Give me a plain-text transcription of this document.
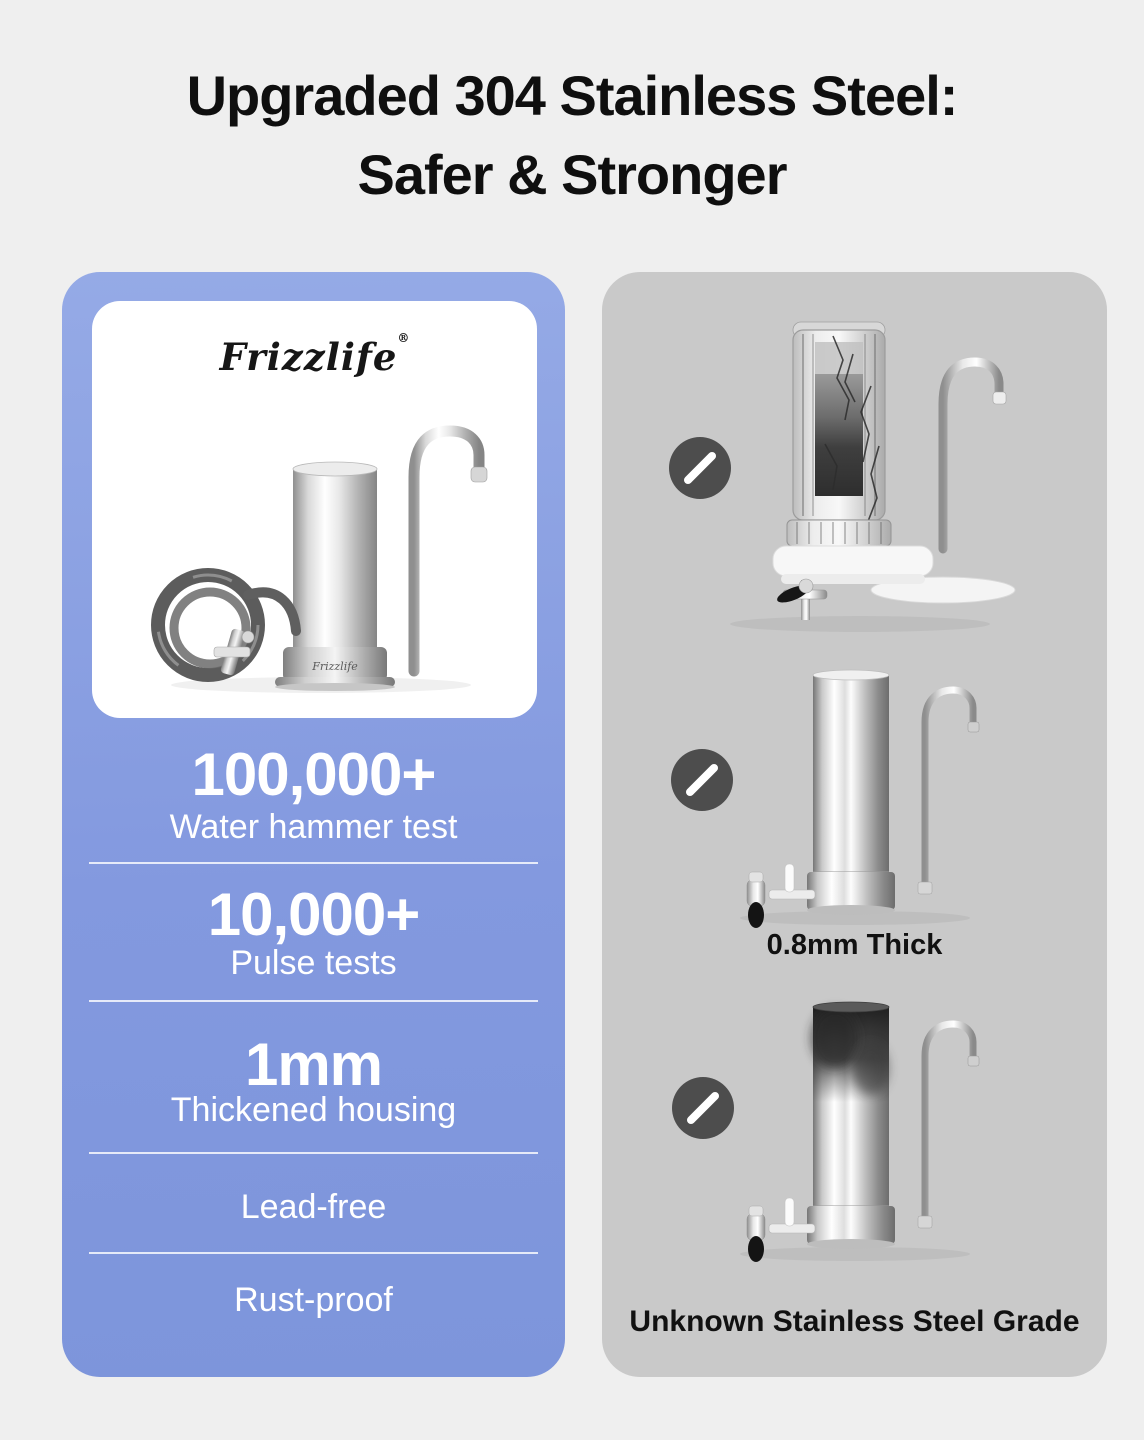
Upgraded 304 Stainless Steel:
Safer & Stronger
Frizzlife®
Frizzlife
100,000+
Water hammer test
10,000+
Pulse tests
1mm
Thickened housing
Lead-free
Rust-proof
0.8mm Thick
Unknown Stainless Steel Grade
